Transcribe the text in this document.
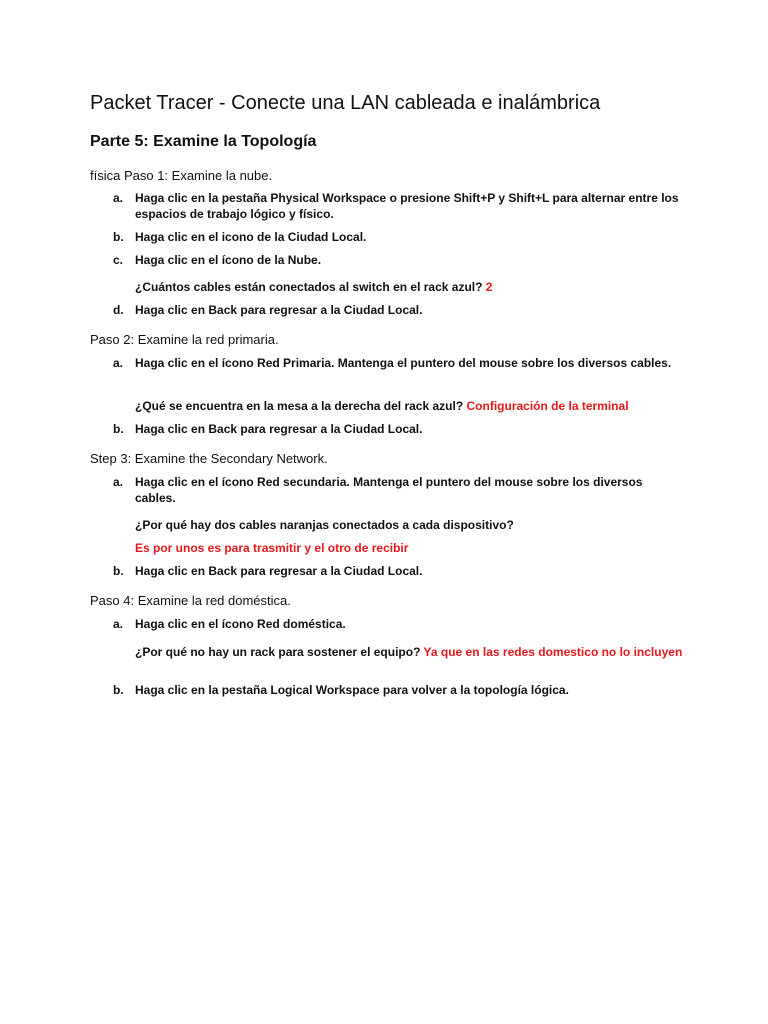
Packet Tracer - Conecte una LAN cableada e inalámbrica
Parte 5: Examine la Topología
física Paso 1: Examine la nube.
a. Haga clic en la pestaña Physical Workspace o presione Shift+P y Shift+L para alternar entre los espacios de trabajo lógico y físico.
b. Haga clic en el icono de la Ciudad Local.
c. Haga clic en el ícono de la Nube.
¿Cuántos cables están conectados al switch en el rack azul? 2
d. Haga clic en Back para regresar a la Ciudad Local.
Paso 2: Examine la red primaria.
a. Haga clic en el ícono Red Primaria. Mantenga el puntero del mouse sobre los diversos cables.
¿Qué se encuentra en la mesa a la derecha del rack azul? Configuración de la terminal
b. Haga clic en Back para regresar a la Ciudad Local.
Step 3: Examine the Secondary Network.
a. Haga clic en el ícono Red secundaria. Mantenga el puntero del mouse sobre los diversos cables.
¿Por qué hay dos cables naranjas conectados a cada dispositivo?
Es por unos es para trasmitir y el otro de recibir
b. Haga clic en Back para regresar a la Ciudad Local.
Paso 4: Examine la red doméstica.
a. Haga clic en el ícono Red doméstica.
¿Por qué no hay un rack para sostener el equipo? Ya que en las redes domestico no lo incluyen
b. Haga clic en la pestaña Logical Workspace para volver a la topología lógica.
